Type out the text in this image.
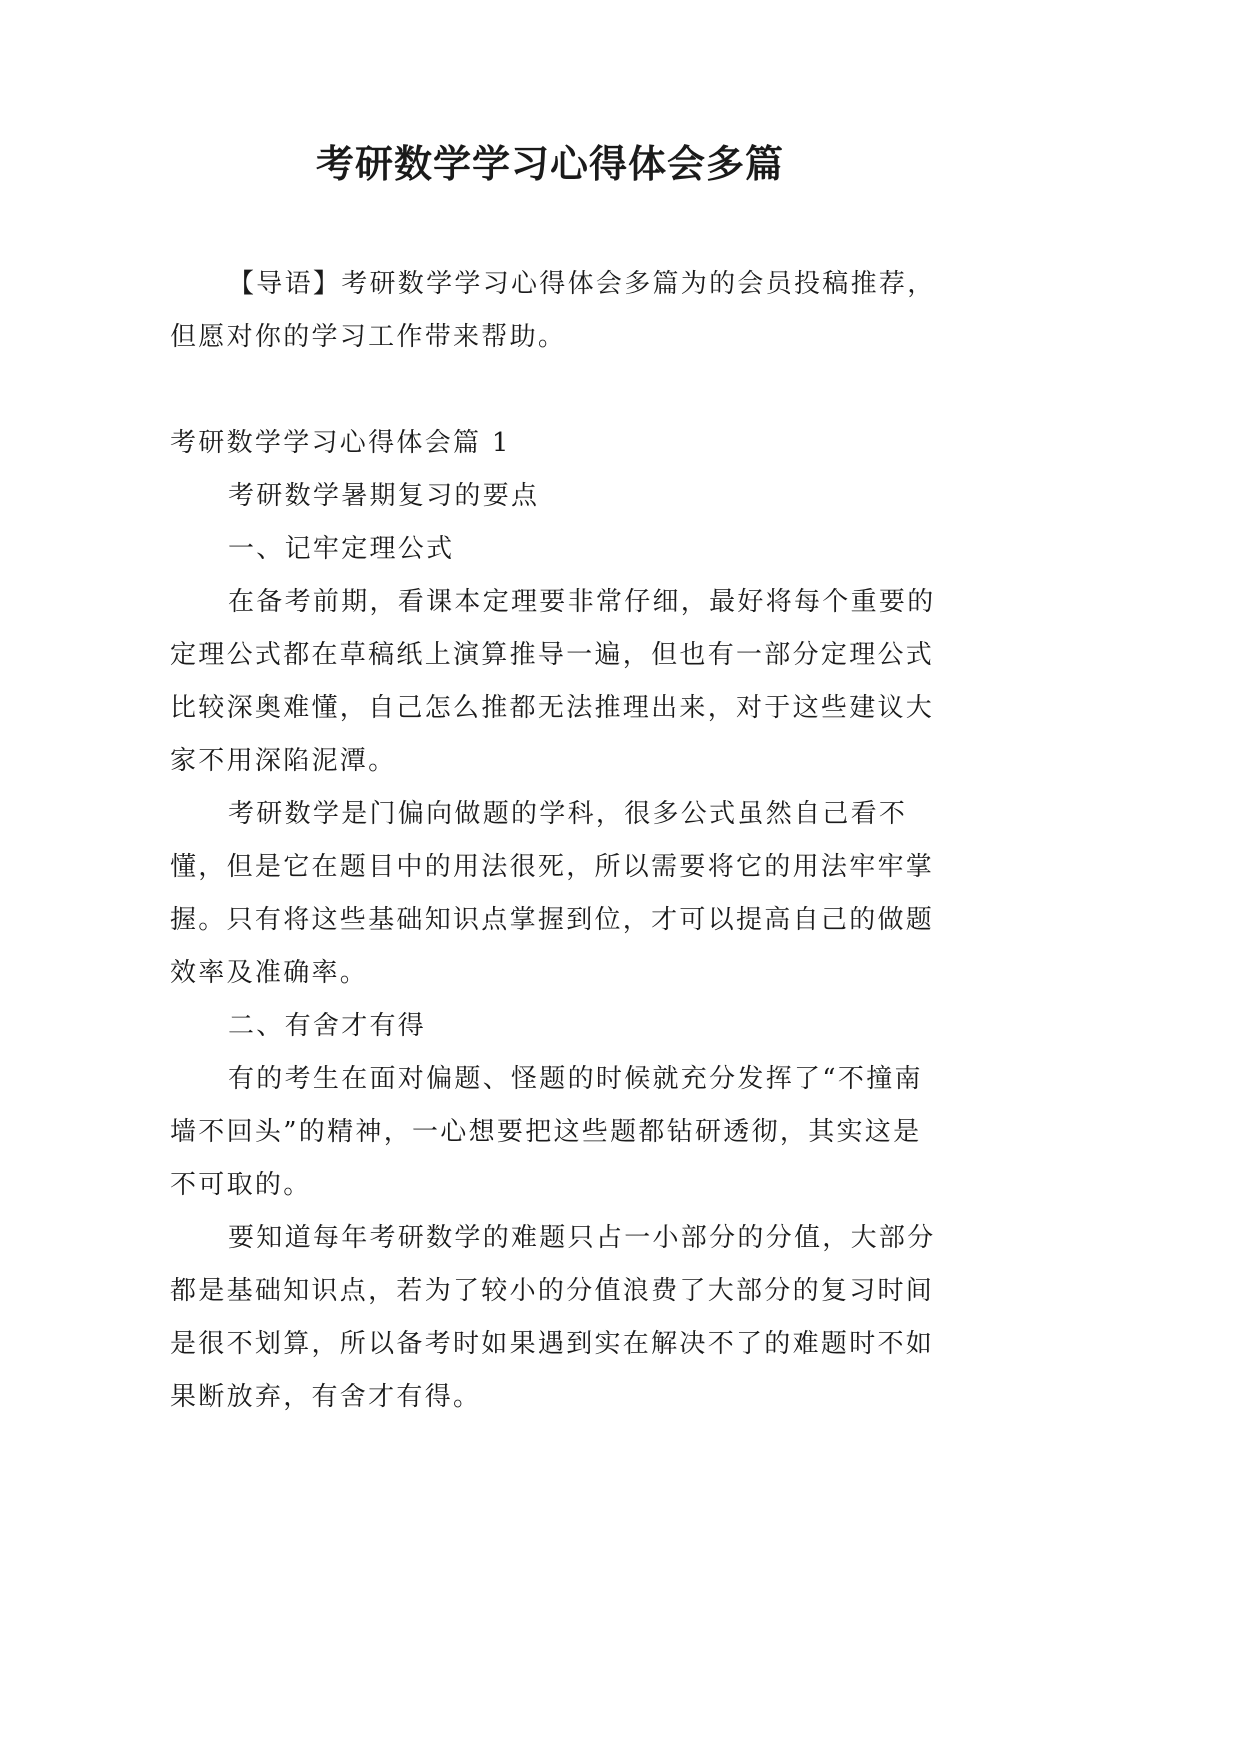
考研数学学习心得体会多篇

【导语】考研数学学习心得体会多篇为的会员投稿推荐，但愿对你的学习工作带来帮助。

考研数学学习心得体会篇 1

考研数学暑期复习的要点

一、记牢定理公式

在备考前期，看课本定理要非常仔细，最好将每个重要的定理公式都在草稿纸上演算推导一遍，但也有一部分定理公式比较深奥难懂，自己怎么推都无法推理出来，对于这些建议大家不用深陷泥潭。

考研数学是门偏向做题的学科，很多公式虽然自己看不懂，但是它在题目中的用法很死，所以需要将它的用法牢牢掌握。只有将这些基础知识点掌握到位，才可以提高自己的做题效率及准确率。

二、有舍才有得

有的考生在面对偏题、怪题的时候就充分发挥了“不撞南墙不回头”的精神，一心想要把这些题都钻研透彻，其实这是不可取的。

要知道每年考研数学的难题只占一小部分的分值，大部分都是基础知识点，若为了较小的分值浪费了大部分的复习时间是很不划算，所以备考时如果遇到实在解决不了的难题时不如果断放弃，有舍才有得。
